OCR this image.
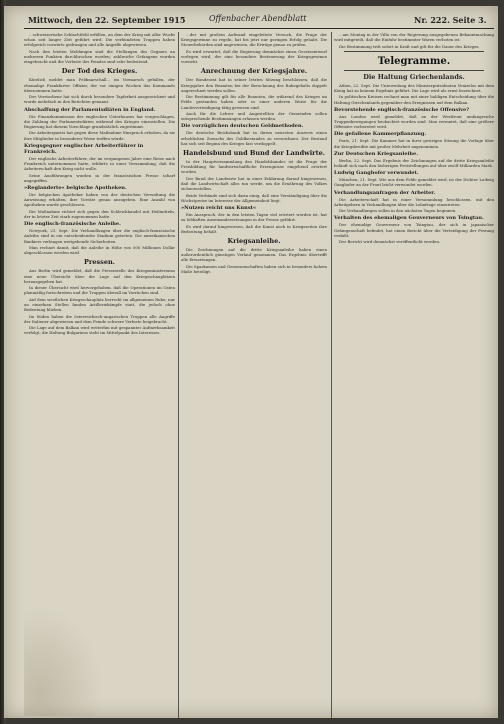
Mittwoch, den 22. September 1915	Offenbacher Abendblatt	Nr. 222. Seite 3.

...schweizerische Schlachtfeld erfüllen, an dem der Krieg mit aller Wucht schon seit langer Zeit geführt wird. Die verbündeten Truppen haben erfolgreich vorwärts gedrungen und alle Angriffe abgewiesen.

Nach den letzten Meldungen sind die Stellungen des Gegners an mehreren Punkten durchbrochen worden; zahlreiche Gefangene wurden eingebracht und die Verluste des Feindes sind sehr bedeutend.

Der Tod des Krieges.

Kürzlich meldet man Feldmarschall... im Vormarsch gefallen, der ehemalige Frankfurter Offizier, der vor einigen Wochen das Kommando übernommen hatte.

Der Verstorbene hat sich durch besondere Tapferkeit ausgezeichnet und wurde mehrfach in den Berichten genannt.

Abschaffung der Parlamentsdiäten in England.

Die Finanzkommission des englischen Unterhauses hat vorgeschlagen, die Zahlung der Parlamentsdiäten während des Krieges einzustellen. Die Regierung hat diesem Vorschlage grundsätzlich zugestimmt.

Die Arbeiterpartei hat gegen diese Maßnahme Einspruch erhoben, da sie ihre Mitglieder in besonderer Weise treffen würde.

Kriegsgegner englischer Arbeiterführer in Frankreich.

Der englische Arbeiterführer, der im vergangenen Jahre eine Reise nach Frankreich unternommen hatte, erklärte in einer Versammlung, daß die Arbeiterschaft den Krieg nicht wolle.

Seine Ausführungen wurden in der französischen Presse scharf angegriffen.

»Reglanderte« belgische Apotheken.

Die belgischen Apotheker haben von der deutschen Verwaltung die Anweisung erhalten, ihre Vorräte genau anzugeben. Eine Anzahl von Apotheken wurde geschlossen.

Die Maßnahme richtet sich gegen den Schleichhandel mit Heilmitteln, der in letzter Zeit stark zugenommen hatte.

Die englisch-französische Anleihe.

Newyork, 21. Sept. Die Verhandlungen über die englisch-französische Anleihe sind in ein entscheidendes Stadium getreten. Die amerikanischen Bankiers verlangen weitgehende Sicherheiten.

Man rechnet damit, daß die Anleihe in Höhe von 500 Millionen Dollar abgeschlossen werden wird.

Pressen.

Aus Berlin wird gemeldet, daß die Pressestelle des Kriegsministeriums eine neue Übersicht über die Lage auf den Kriegsschauplätzen herausgegeben hat.

In dieser Übersicht wird hervorgehoben, daß die Operationen im Osten planmäßig fortschreiten und die Truppen überall im Vorrücken sind.

Auf dem westlichen Kriegsschauplatz herrscht im allgemeinen Ruhe; nur an einzelnen Stellen fanden Artilleriekämpfe statt, die jedoch ohne Bedeutung blieben.

Im Süden haben die österreichisch-ungarischen Truppen alle Angriffe der Italiener abgewiesen und dem Feinde schwere Verluste beigebracht.

Die Lage auf dem Balkan wird weiterhin mit gespannter Aufmerksamkeit verfolgt; die Haltung Bulgariens steht im Mittelpunkt des Interesses.

...der mit großem Aufwand eingeleitete Versuch, die Frage der Kriegsgewinne zu regeln, hat bis jetzt nur geringen Erfolg gehabt. Die Steuerbehörden sind angewiesen, die Erträge genau zu prüfen.

Es wird erwartet, daß die Regierung demnächst einen Gesetzentwurf vorlegen wird, der eine besondere Besteuerung der Kriegsgewinne vorsieht.

Anrechnung der Kriegsjahre.

Der Bundesrat hat in seiner letzten Sitzung beschlossen, daß die Kriegsjahre den Beamten bei der Berechnung des Ruhegehalts doppelt angerechnet werden sollen.

Die Bestimmung gilt für alle Beamten, die während des Krieges im Felde gestanden haben oder in einer anderen Weise für die Landesverteidigung tätig gewesen sind.

Auch für die Lehrer und Angestellten der Gemeinden sollen entsprechende Bestimmungen erlassen werden.

Die vorzüglichen deutschen Geldmethoden.

Die deutsche Reichsbank hat in ihrem neuesten Ausweis einen erheblichen Zuwachs des Goldbestandes zu verzeichnen. Der Bestand hat sich seit Beginn des Krieges fast verdoppelt.

Handelsbund und Bund der Landwirte.

In der Hauptversammlung des Handelsbundes ist die Frage der Preisbildung für landwirtschaftliche Erzeugnisse eingehend erörtert worden.

Der Bund der Landwirte hat in einer Erklärung darauf hingewiesen, daß die Landwirtschaft alles tun werde, um die Ernährung des Volkes sicherzustellen.

Beide Verbände sind sich darin einig, daß eine Verständigung über die Höchstpreise im Interesse der Allgemeinheit liegt.

»Nutzen reicht uns Kunst«

Ein Ausspruch, der in den letzten Tagen viel erörtert worden ist, hat zu lebhaften Auseinandersetzungen in der Presse geführt.

Es wird darauf hingewiesen, daß die Kunst auch in Kriegszeiten ihre Bedeutung behält.

Kriegsanleihe.

Die Zeichnungen auf die dritte Kriegsanleihe haben einen außerordentlich günstigen Verlauf genommen. Das Ergebnis übertrifft alle Erwartungen.

Die Sparkassen und Genossenschaften haben sich in besonders hohem Maße beteiligt.

...am Montag in der Villa von der Regierung ausgegebenen Bekanntmachung wird mitgeteilt, daß die Einfuhr bestimmter Waren verboten ist.

Die Bestimmung tritt sofort in Kraft und gilt für die Dauer des Krieges.

Telegramme.
Die Haltung Griechenlands.

Athen, 22. Sept. Die Unterredung des Ministerpräsidenten Venizelos mit dem König hat zu keinem Ergebnis geführt. Die Lage wird als ernst bezeichnet.

In politischen Kreisen rechnet man mit einer baldigen Entscheidung über die Haltung Griechenlands gegenüber den Ereignissen auf dem Balkan.

Bevorstehende englisch-französische Offensive?

Aus London wird gemeldet, daß an der Westfront umfangreiche Truppenbewegungen beobachtet worden sind. Man vermutet, daß eine größere Offensive vorbereitet wird.

Die gefallene Kammerpflanzung.

Paris, 21. Sept. Die Kammer hat in ihrer gestrigen Sitzung die Vorlage über die Kriegskredite mit großer Mehrheit angenommen.

Zur Deutschen Kriegsanleihe.

Berlin, 22. Sept. Das Ergebnis der Zeichnungen auf die dritte Kriegsanleihe beläuft sich nach den bisherigen Feststellungen auf über zwölf Milliarden Mark.

Ludwig Ganghofer verwundet.

München, 21. Sept. Wie aus dem Felde gemeldet wird, ist der Dichter Ludwig Ganghofer an der Front leicht verwundet worden.

Verhandlungsanfragen der Arbeiter.

Die Arbeiterschaft hat in einer Versammlung beschlossen, mit den Arbeitgebern in Verhandlungen über die Lohnfrage einzutreten.

Die Verhandlungen sollen in den nächsten Tagen beginnen.

Verhalten des ehemaligen Gouverneurs von Tsingtau.

Der ehemalige Gouverneur von Tsingtau, der sich in japanischer Gefangenschaft befindet, hat einen Bericht über die Verteidigung der Festung verfaßt.

Der Bericht wird demnächst veröffentlicht werden.
